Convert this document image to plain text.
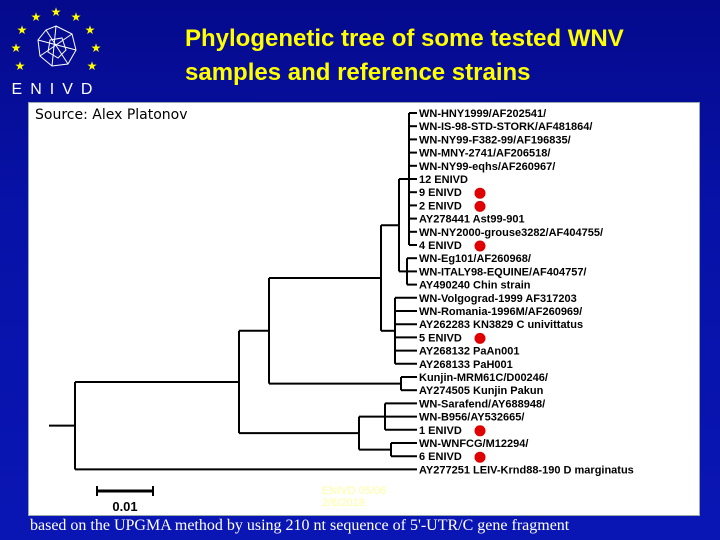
★ ★
★
★
★
★
★
★
★
ENIVD
Phylogenetic tree of some tested WNV
samples and reference strains
WN-HNY1999/AF202541/
WN-IS-98-STD-STORK/AF481864/
WN-NY99-F382-99/AF196835/
WN-MNY-2741/AF206518/
WN-NY99-eqhs/AF260967/
12 ENIVD
9 ENIVD
2 ENIVD
AY278441 Ast99-901
WN-NY2000-grouse3282/AF404755/
4 ENIVD
WN-Eg101/AF260968/
WN-ITALY98-EQUINE/AF404757/
AY490240 Chin strain
WN-Volgograd-1999 AF317203
WN-Romania-1996M/AF260969/
AY262283 KN3829 C univittatus
5 ENIVD
AY268132 PaAn001
AY268133 PaH001
Kunjin-MRM61C/D00246/
AY274505 Kunjin Pakun
WN-Sarafend/AY688948/
WN-B956/AY532665/
1 ENIVD
WN-WNFCG/M12294/
6 ENIVD
AY277251 LEIV-Krnd88-190 D marginatus
0.01
Source: Alex Platonov
ENIVD 05/06
2/6/2018
based on the UPGMA method by using 210 nt sequence of 5'-UTR/C gene fragment
